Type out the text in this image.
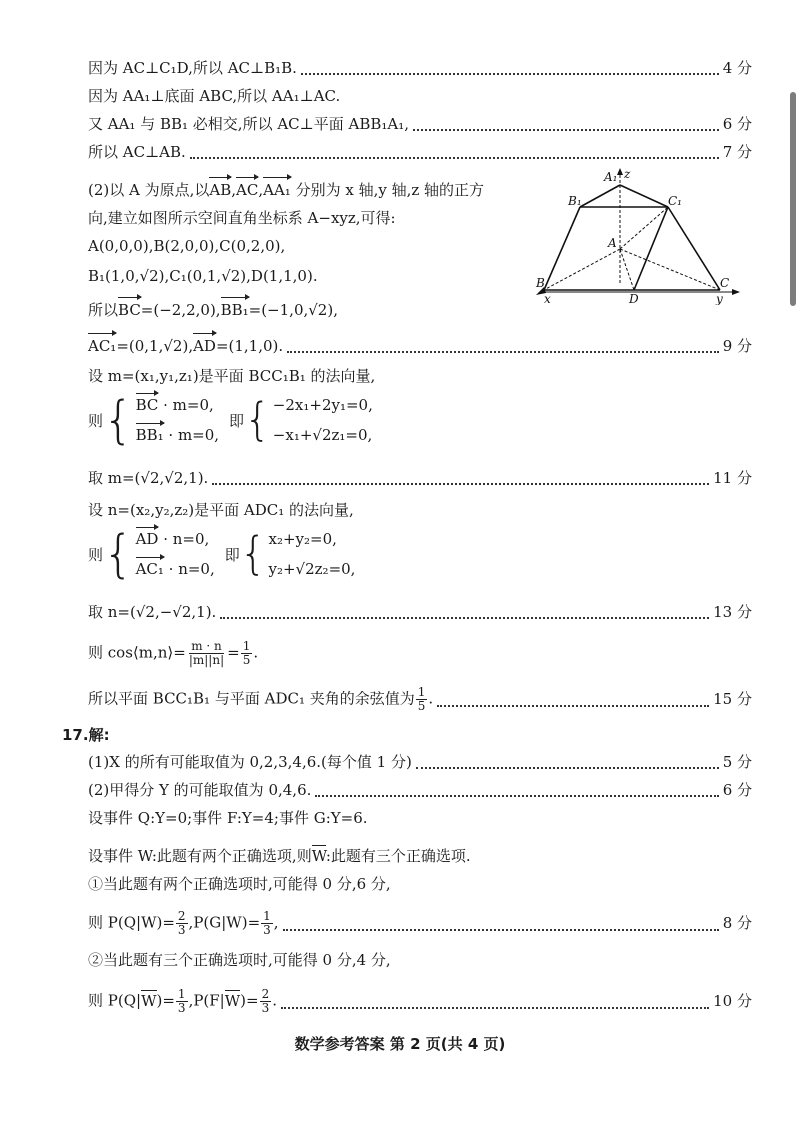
因为 AC⊥C₁D,所以 AC⊥B₁B.	4 分
因为 AA₁⊥底面 ABC,所以 AA₁⊥AC.
又 AA₁ 与 BB₁ 必相交,所以 AC⊥平面 ABB₁A₁,	6 分
所以 AC⊥AB.	7 分
(2)以 A 为原点,以AB,AC,AA₁ 分别为 x 轴,y 轴,z 轴的正方
向,建立如图所示空间直角坐标系 A−xyz,可得:
A(0,0,0),B(2,0,0),C(0,2,0),
B₁(1,0,√2),C₁(0,1,√2),D(1,1,0).
所以BC=(−2,2,0),BB₁=(−1,0,√2),
AC₁=(0,1,√2),AD=(1,1,0).	9 分
设 m=(x₁,y₁,z₁)是平面 BCC₁B₁ 的法向量,
则 { BC · m=0,
BB₁ · m=0,
即 { −2x₁+2y₁=0,
−x₁+√2z₁=0,
取 m=(√2,√2,1).	11 分
设 n=(x₂,y₂,z₂)是平面 ADC₁ 的法向量,
则 { AD · n=0,
AC₁ · n=0,
即 { x₂+y₂=0,
y₂+√2z₂=0,
取 n=(√2,−√2,1).	13 分
则 cos⟨m,n⟩= $\frac{m \cdot n}{|m||n|} = \frac{1}{5}$ .
所以平面 BCC₁B₁ 与平面 ADC₁ 夹角的余弦值为 $\frac{1}{5}$ .	15 分
A₁ z
B₁	C₁
A
B	C
D
x	y
17.解:
(1)X 的所有可能取值为 0,2,3,4,6.(每个值 1 分)	5 分
(2)甲得分 Y 的可能取值为 0,4,6.	6 分
设事件 Q:Y=0;事件 F:Y=4;事件 G:Y=6.
设事件 W:此题有两个正确选项,则W:此题有三个正确选项.
①当此题有两个正确选项时,可能得 0 分,6 分,
则 $P(Q|W)= \frac{2}{3} ,P(G|W)= \frac{1}{3}$ ,	8 分
②当此题有三个正确选项时,可能得 0 分,4 分,
则 $P(Q|W)= \frac{1}{3} ,P(F|W)= \frac{2}{3}$ .	10 分
数学参考答案 第 2 页(共 4 页)
